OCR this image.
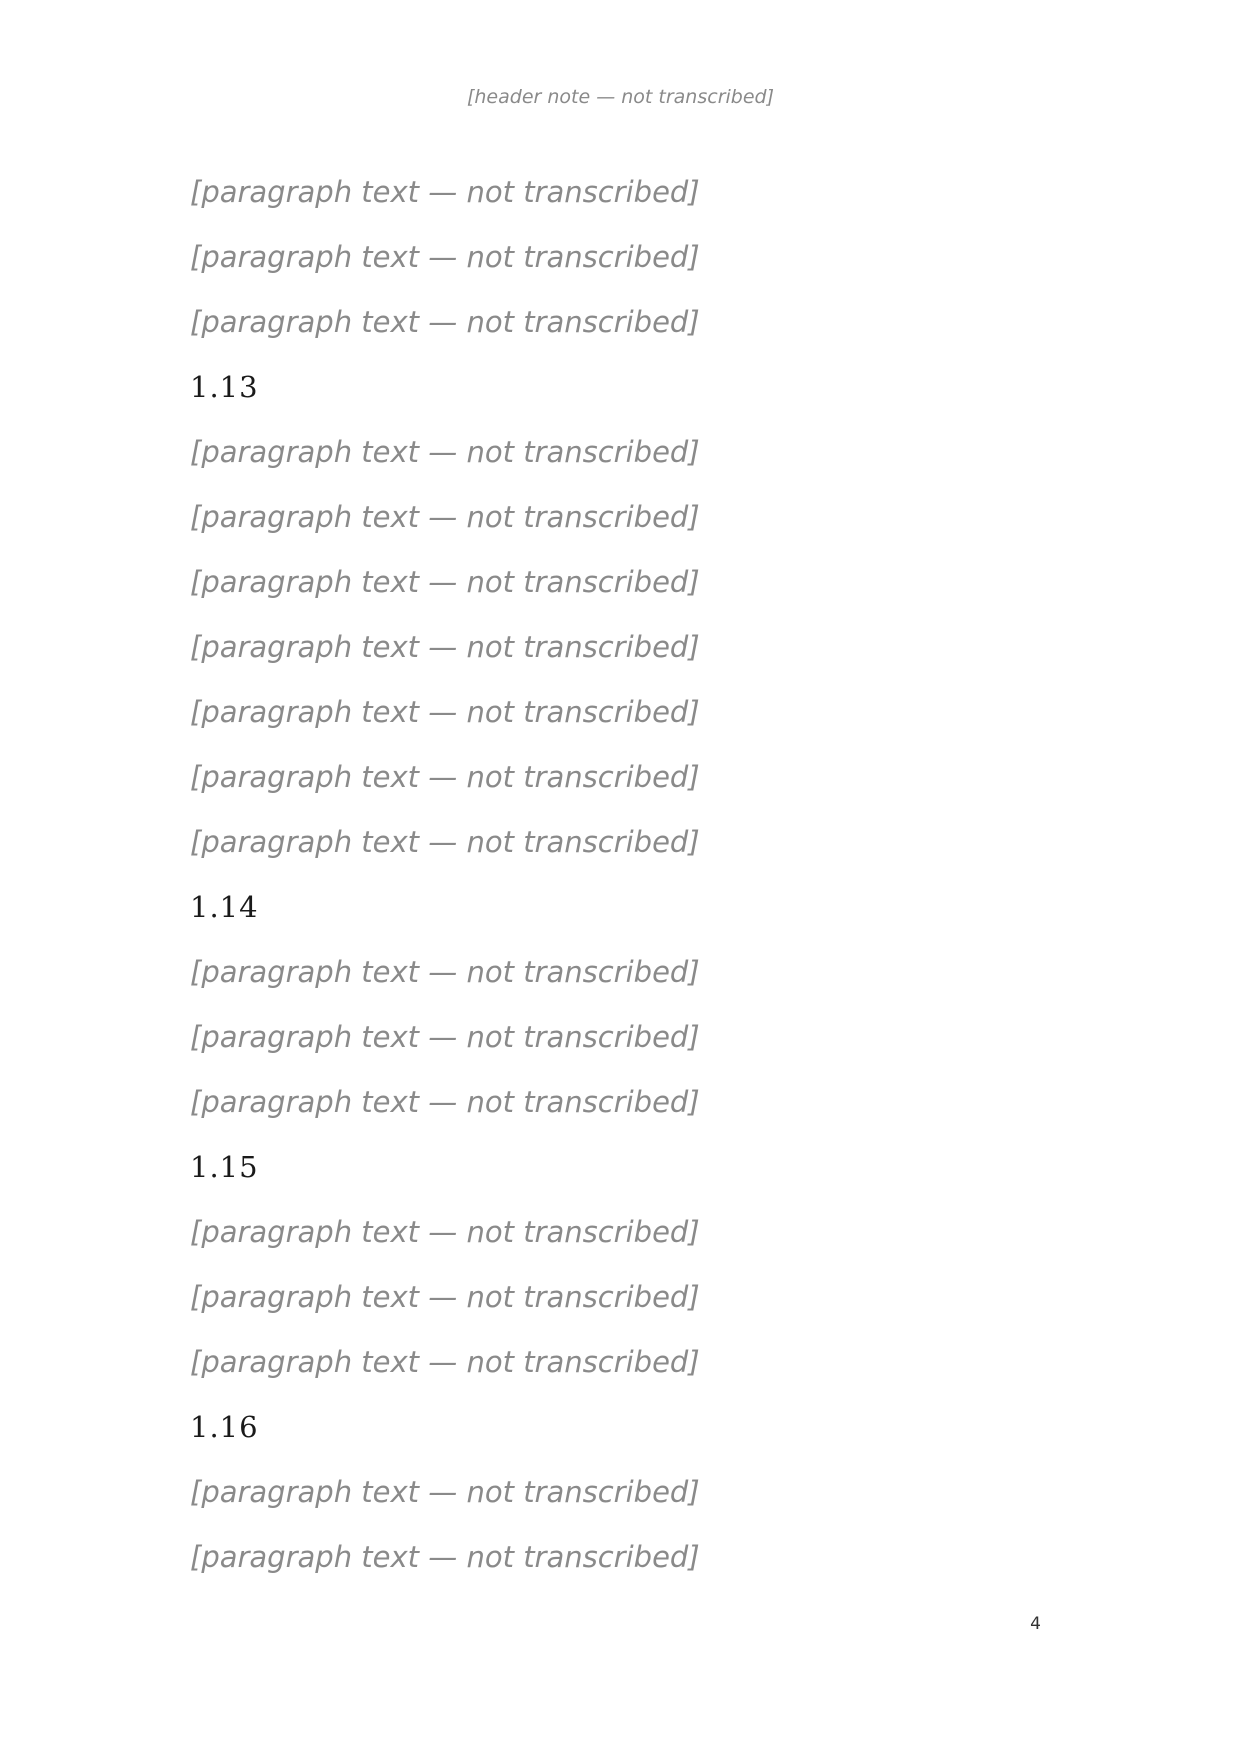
[header note — not transcribed]
[paragraph text — not transcribed]
[paragraph text — not transcribed]
[paragraph text — not transcribed]
1.13
[paragraph text — not transcribed]
[paragraph text — not transcribed]
[paragraph text — not transcribed]
[paragraph text — not transcribed]
[paragraph text — not transcribed]
[paragraph text — not transcribed]
[paragraph text — not transcribed]
1.14
[paragraph text — not transcribed]
[paragraph text — not transcribed]
[paragraph text — not transcribed]
1.15
[paragraph text — not transcribed]
[paragraph text — not transcribed]
[paragraph text — not transcribed]
1.16
[paragraph text — not transcribed]
[paragraph text — not transcribed]
4
